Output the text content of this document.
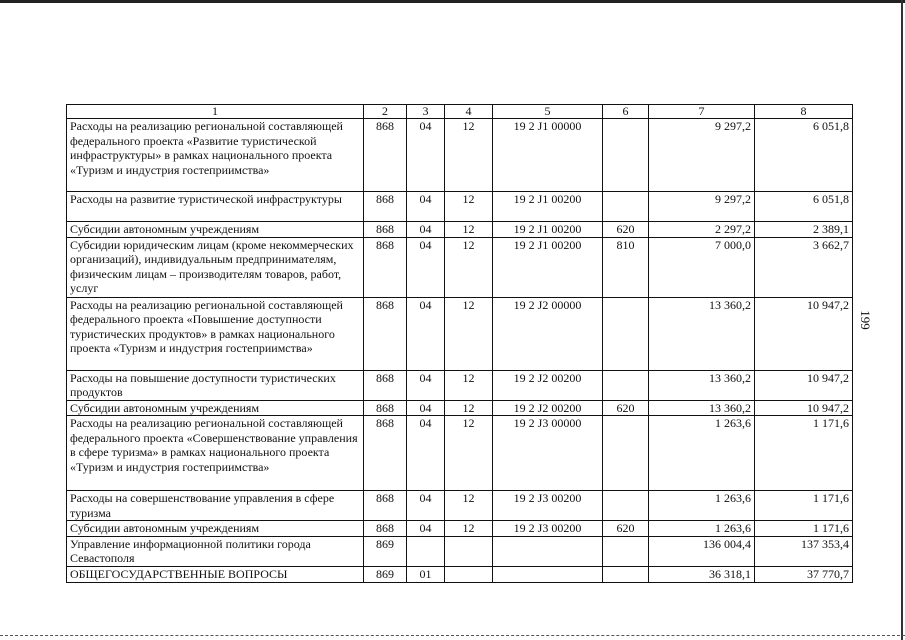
199
1	2	3	4	5	6	7	8
Расходы на реализацию региональной составляющей федерального проекта «Развитие туристической инфраструктуры» в рамках национального проекта «Туризм и индустрия гостеприимства»	868	04	12	19 2 J1 00000		9 297,2	6 051,8
Расходы на развитие туристической инфраструктуры	868	04	12	19 2 J1 00200		9 297,2	6 051,8
Субсидии автономным учреждениям	868	04	12	19 2 J1 00200	620	2 297,2	2 389,1
Субсидии юридическим лицам (кроме некоммерческих организаций), индивидуальным предпринимателям, физическим лицам – производителям товаров, работ, услуг	868	04	12	19 2 J1 00200	810	7 000,0	3 662,7
Расходы на реализацию региональной составляющей федерального проекта «Повышение доступности туристических продуктов» в рамках национального проекта «Туризм и индустрия гостеприимства»	868	04	12	19 2 J2 00000		13 360,2	10 947,2
Расходы на повышение доступности туристических продуктов	868	04	12	19 2 J2 00200		13 360,2	10 947,2
Субсидии автономным учреждениям	868	04	12	19 2 J2 00200	620	13 360,2	10 947,2
Расходы на реализацию региональной составляющей федерального проекта «Совершенствование управления в сфере туризма» в рамках национального проекта «Туризм и индустрия гостеприимства»	868	04	12	19 2 J3 00000		1 263,6	1 171,6
Расходы на совершенствование управления в сфере туризма	868	04	12	19 2 J3 00200		1 263,6	1 171,6
Субсидии автономным учреждениям	868	04	12	19 2 J3 00200	620	1 263,6	1 171,6
Управление информационной политики города Севастополя	869					136 004,4	137 353,4
ОБЩЕГОСУДАРСТВЕННЫЕ ВОПРОСЫ	869	01				36 318,1	37 770,7
